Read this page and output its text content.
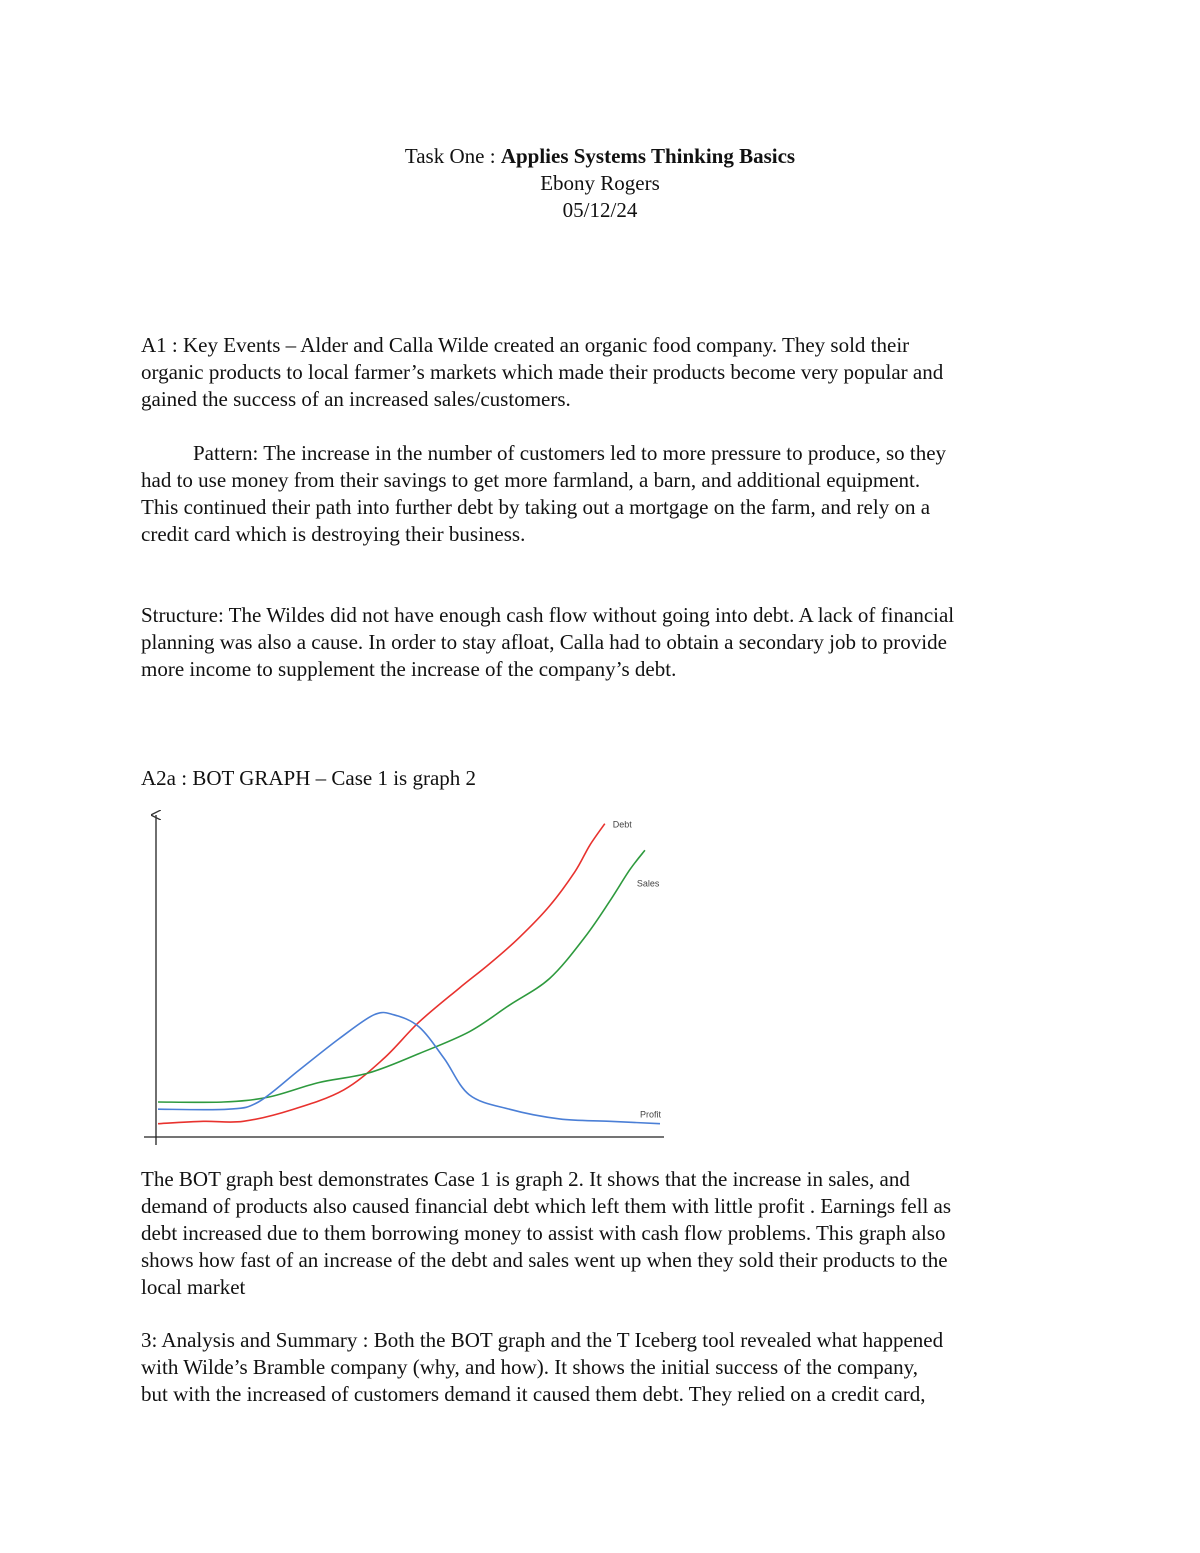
Task One : Applies Systems Thinking Basics
Ebony Rogers
05/12/24
A1 : Key Events – Alder and Calla Wilde created an organic food company. They sold their
organic products to local farmer’s markets which made their products become very popular and
gained the success of an increased sales/customers.
Pattern: The increase in the number of customers led to more pressure to produce, so they
had to use money from their savings to get more farmland, a barn, and additional equipment.
This continued their path into further debt by taking out a mortgage on the farm, and rely on a
credit card which is destroying their business.
Structure: The Wildes did not have enough cash flow without going into debt. A lack of financial
planning was also a cause. In order to stay afloat, Calla had to obtain a secondary job to provide
more income to supplement the increase of the company’s debt.
A2a : BOT GRAPH – Case 1 is graph 2
Debt
Sales
Profit
The BOT graph best demonstrates Case 1 is graph 2. It shows that the increase in sales, and
demand of products also caused financial debt which left them with little profit . Earnings fell as
debt increased due to them borrowing money to assist with cash flow problems. This graph also
shows how fast of an increase of the debt and sales went up when they sold their products to the
local market
3: Analysis and Summary : Both the BOT graph and the T Iceberg tool revealed what happened
with Wilde’s Bramble company (why, and how). It shows the initial success of the company,
but with the increased of customers demand it caused them debt. They relied on a credit card,
